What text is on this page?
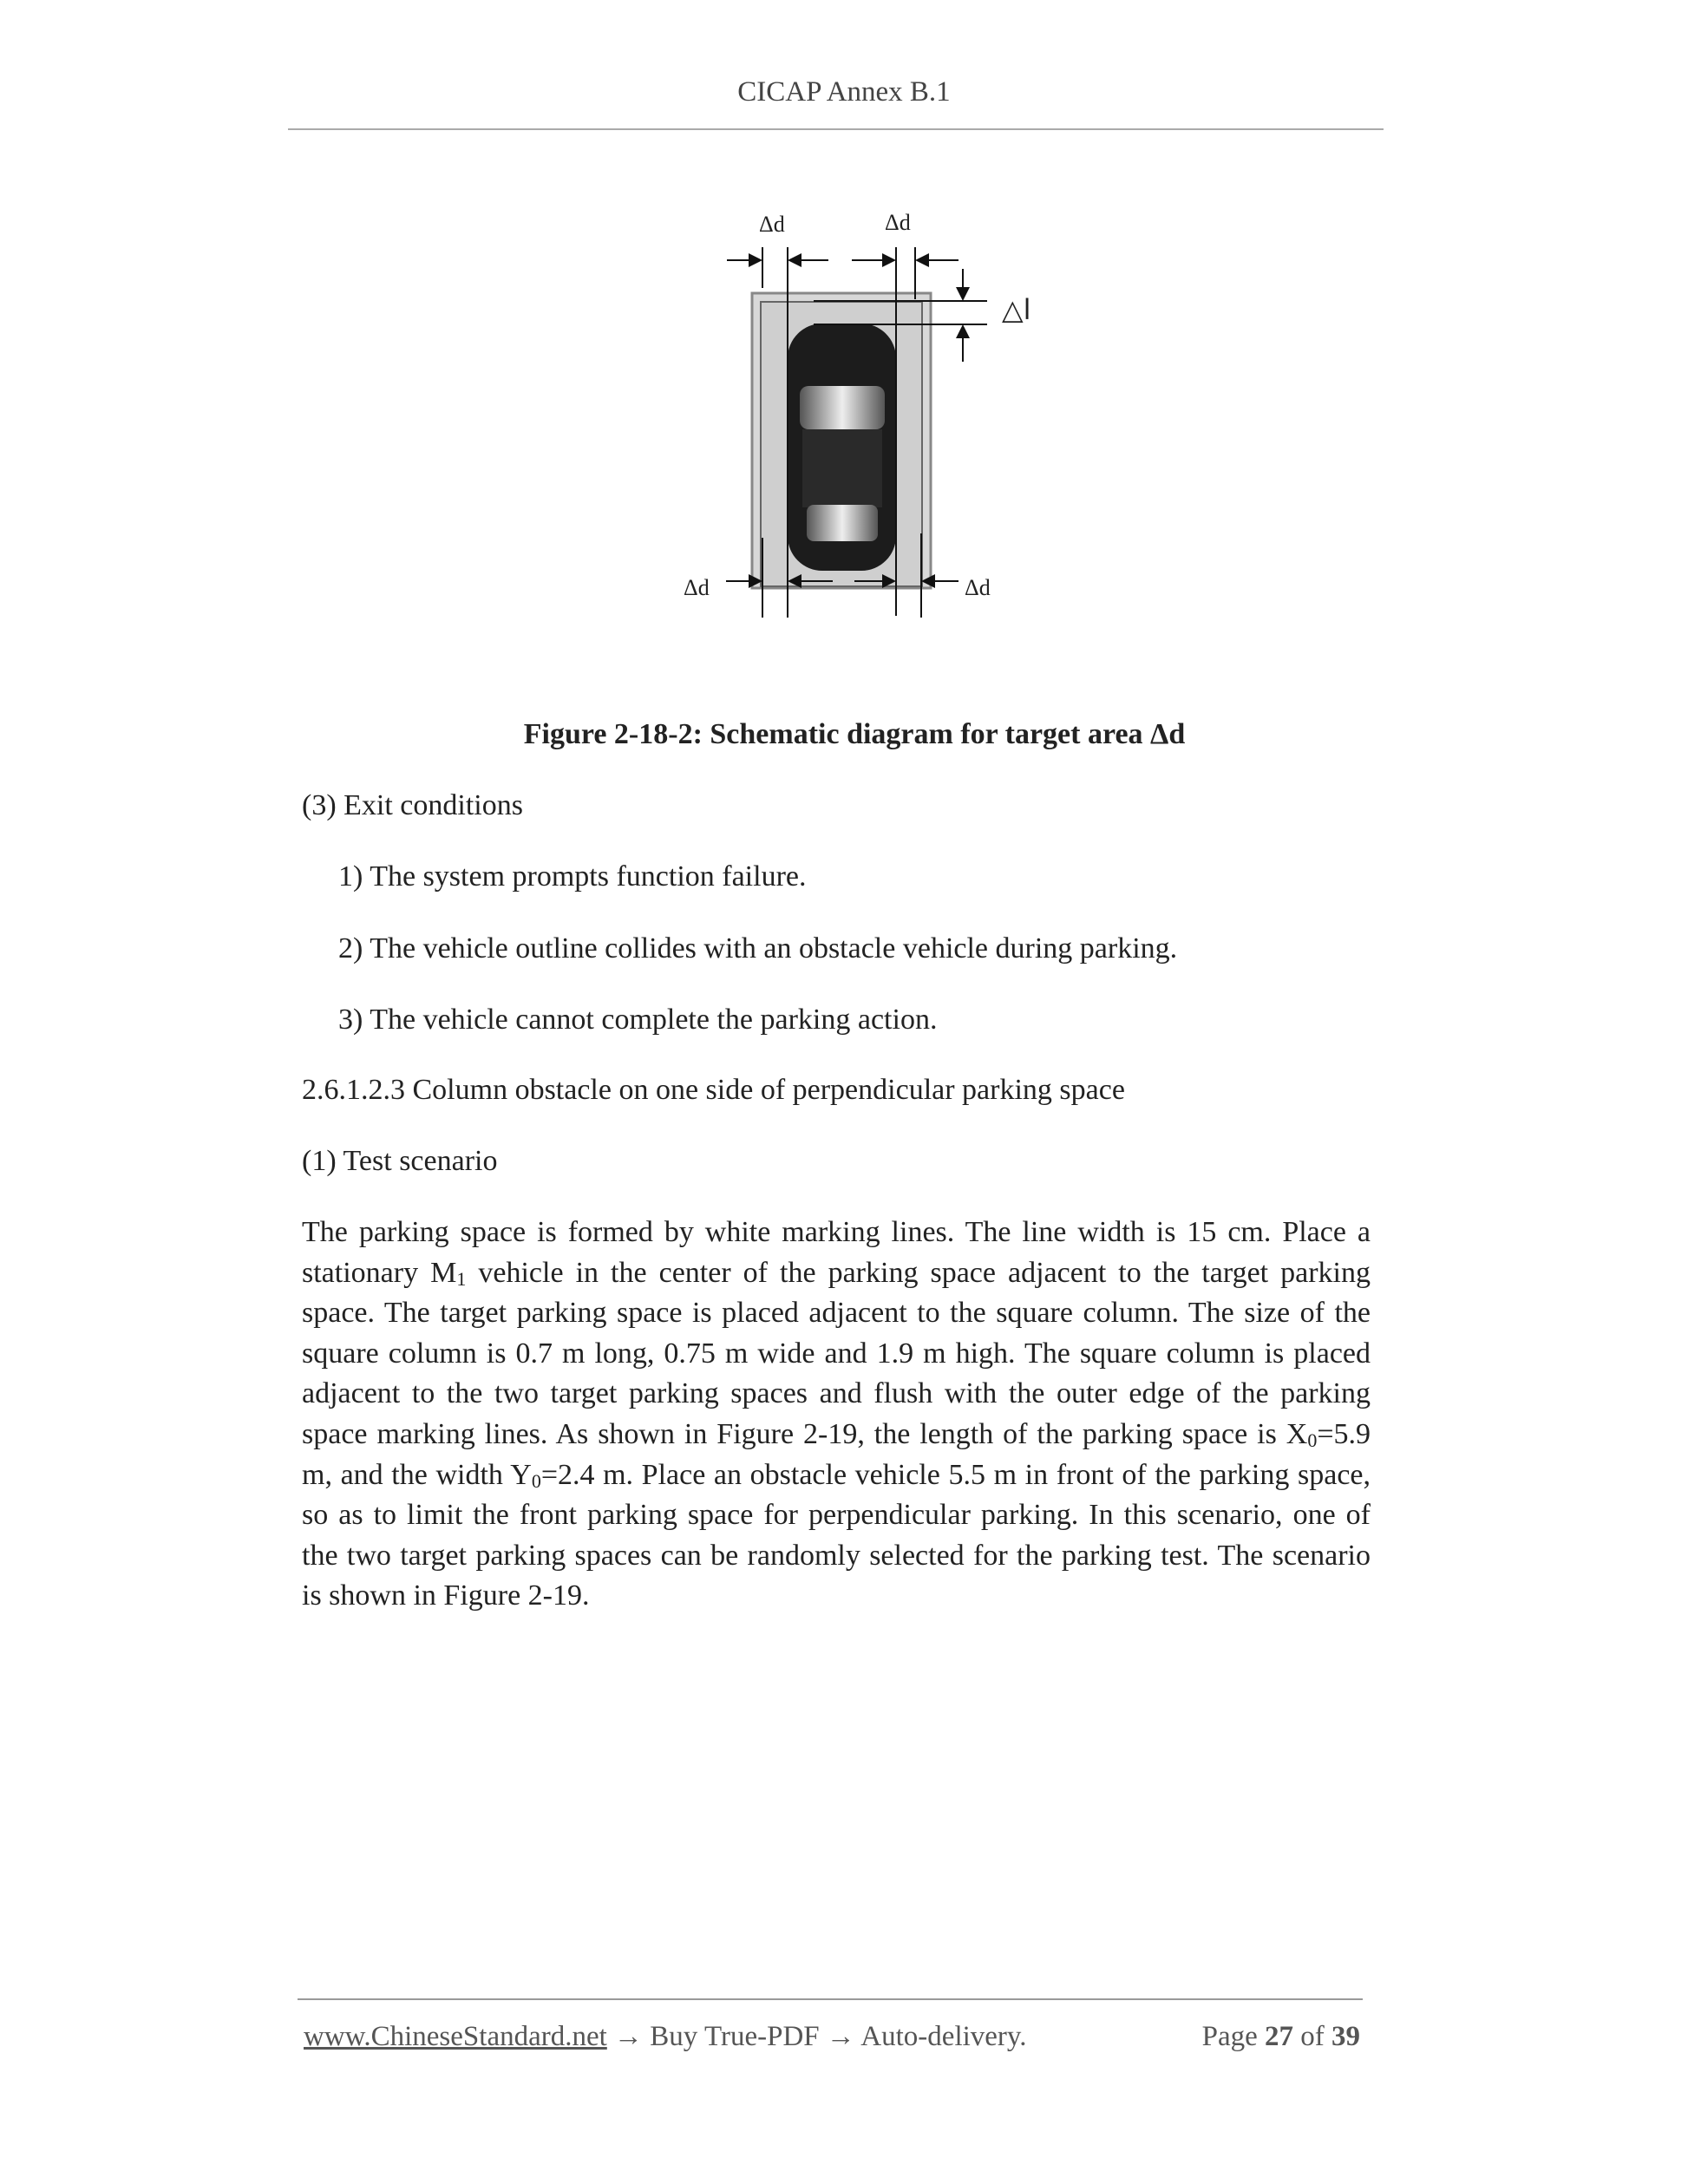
CICAP Annex B.1
Δd	Δd
Δd	Δd
△l
Figure 2-18-2: Schematic diagram for target area Δd
(3) Exit conditions
1) The system prompts function failure.
2) The vehicle outline collides with an obstacle vehicle during parking.
3) The vehicle cannot complete the parking action.
2.6.1.2.3 Column obstacle on one side of perpendicular parking space
(1) Test scenario
The parking space is formed by white marking lines. The line width is 15 cm. Place a
stationary $M_1$ vehicle in the center of the parking space adjacent to the target parking
space. The target parking space is placed adjacent to the square column. The size of the
square column is 0.7 m long, 0.75 m wide and 1.9 m high. The square column is placed
adjacent to the two target parking spaces and flush with the outer edge of the parking
space marking lines. As shown in Figure 2-19, the length of the parking space is $X_0=5.9$
m, and the width $Y_0=2.4$ m. Place an obstacle vehicle 5.5 m in front of the parking space,
so as to limit the front parking space for perpendicular parking. In this scenario, one of
the two target parking spaces can be randomly selected for the parking test. The scenario
is shown in Figure 2-19.
www.ChineseStandard.net → Buy True-PDF → Auto-delivery.	Page 27 of 39
